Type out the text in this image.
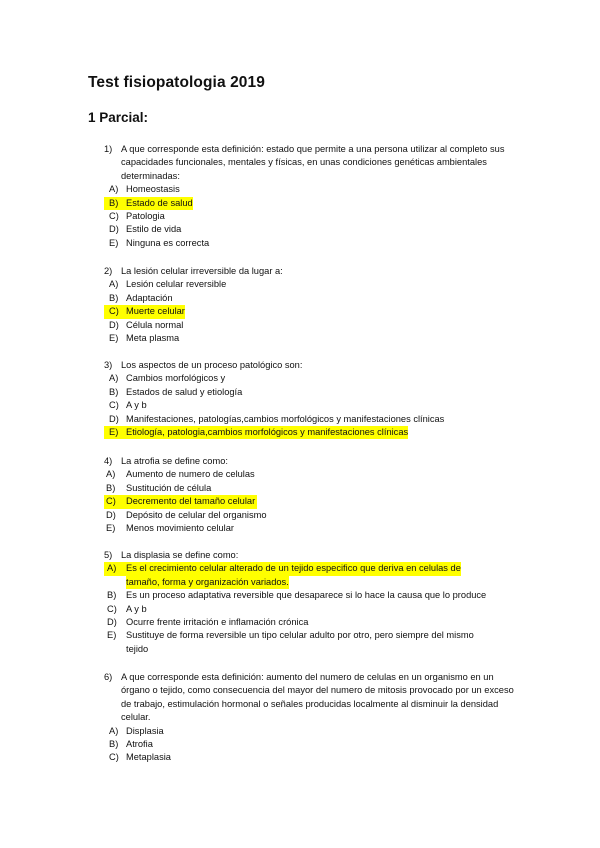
Test fisiopatologia 2019
1 Parcial:
1) A que corresponde esta definición: estado que permite a una persona utilizar al completo sus capacidades funcionales, mentales y físicas, en unas condiciones genéticas ambientales determinadas:
A) Homeostasis
B) Estado de salud
C) Patologia
D) Estilo de vida
E) Ninguna es correcta
2) La lesión celular irreversible da lugar a:
A) Lesión celular reversible
B) Adaptación
C) Muerte celular
D) Célula normal
E) Meta plasma
3) Los aspectos de un proceso patológico son:
A) Cambios morfológicos y
B) Estados de salud y etiología
C) A y b
D) Manifestaciones, patologías,cambios morfológicos y manifestaciones clínicas
E) Etiología, patologia,cambios morfológicos y manifestaciones clínicas
4) La atrofia se define como:
A)	Aumento de numero de celulas
B)	Sustitución de célula
C)	Decremento del tamaño celular
D)	Depósito de celular del organismo
E)	Menos movimiento celular
5) La displasia se define como:
A)	Es el crecimiento celular alterado de un tejido especifico que deriva en celulas de
tamaño, forma y organización variados.
B)	Es un proceso adaptativa reversible que desaparece si lo hace la causa que lo produce
C) A y b
D) Ocurre frente irritación e inflamación crónica
E)	Sustituye de forma reversible un tipo celular adulto por otro, pero siempre del mismo
tejido
6) A que corresponde esta definición: aumento del numero de celulas en un organismo en un órgano o tejido, como consecuencia del mayor del numero de mitosis provocado por un exceso de trabajo, estimulación hormonal o señales producidas localmente al disminuir la densidad celular.
A) Displasia
B) Atrofia
C) Metaplasia
